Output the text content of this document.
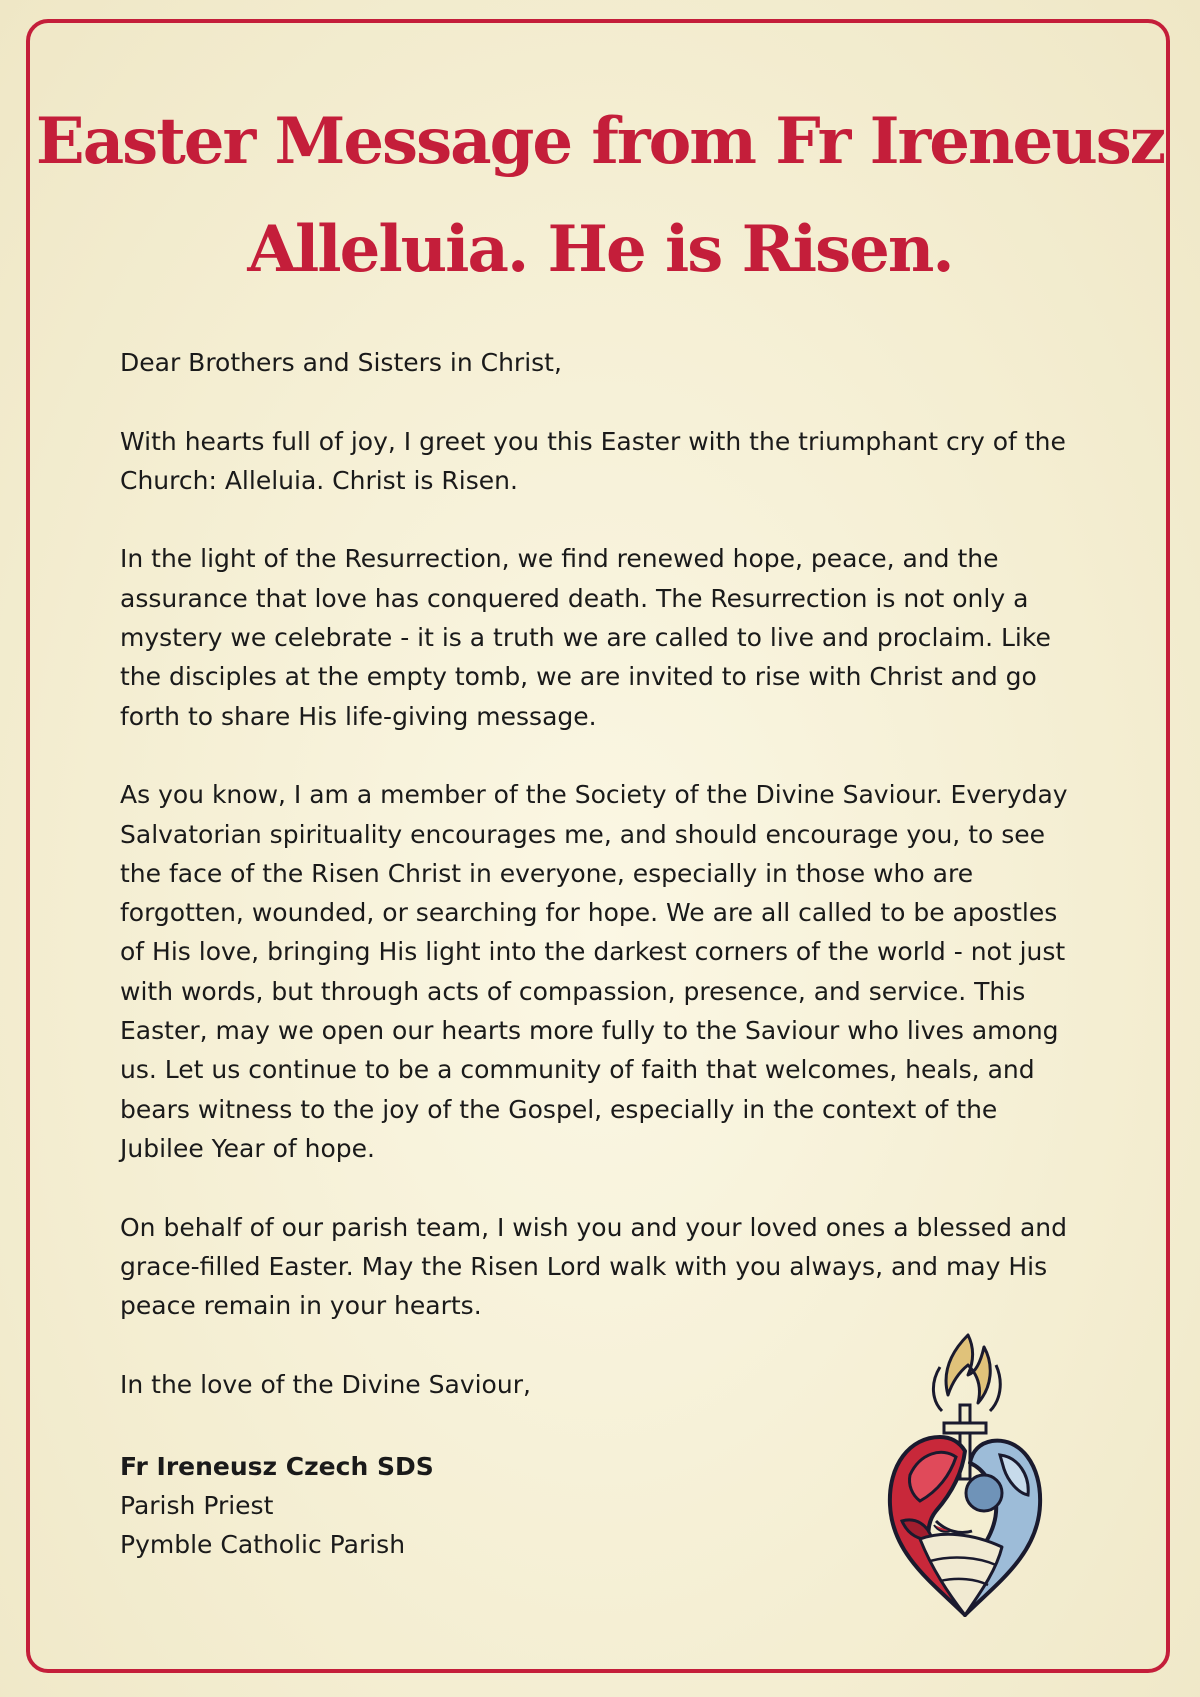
Easter Message from Fr Ireneusz
Alleluia. He is Risen.

Dear Brothers and Sisters in Christ,

With hearts full of joy, I greet you this Easter with the triumphant cry of the Church: Alleluia. Christ is Risen.

In the light of the Resurrection, we find renewed hope, peace, and the assurance that love has conquered death. The Resurrection is not only a mystery we celebrate - it is a truth we are called to live and proclaim. Like the disciples at the empty tomb, we are invited to rise with Christ and go forth to share His life-giving message.

As you know, I am a member of the Society of the Divine Saviour. Everyday Salvatorian spirituality encourages me, and should encourage you, to see the face of the Risen Christ in everyone, especially in those who are forgotten, wounded, or searching for hope. We are all called to be apostles of His love, bringing His light into the darkest corners of the world - not just with words, but through acts of compassion, presence, and service. This Easter, may we open our hearts more fully to the Saviour who lives among us. Let us continue to be a community of faith that welcomes, heals, and bears witness to the joy of the Gospel, especially in the context of the Jubilee Year of hope.

On behalf of our parish team, I wish you and your loved ones a blessed and grace-filled Easter. May the Risen Lord walk with you always, and may His peace remain in your hearts.

In the love of the Divine Saviour,

Fr Ireneusz Czech SDS
Parish Priest
Pymble Catholic Parish
